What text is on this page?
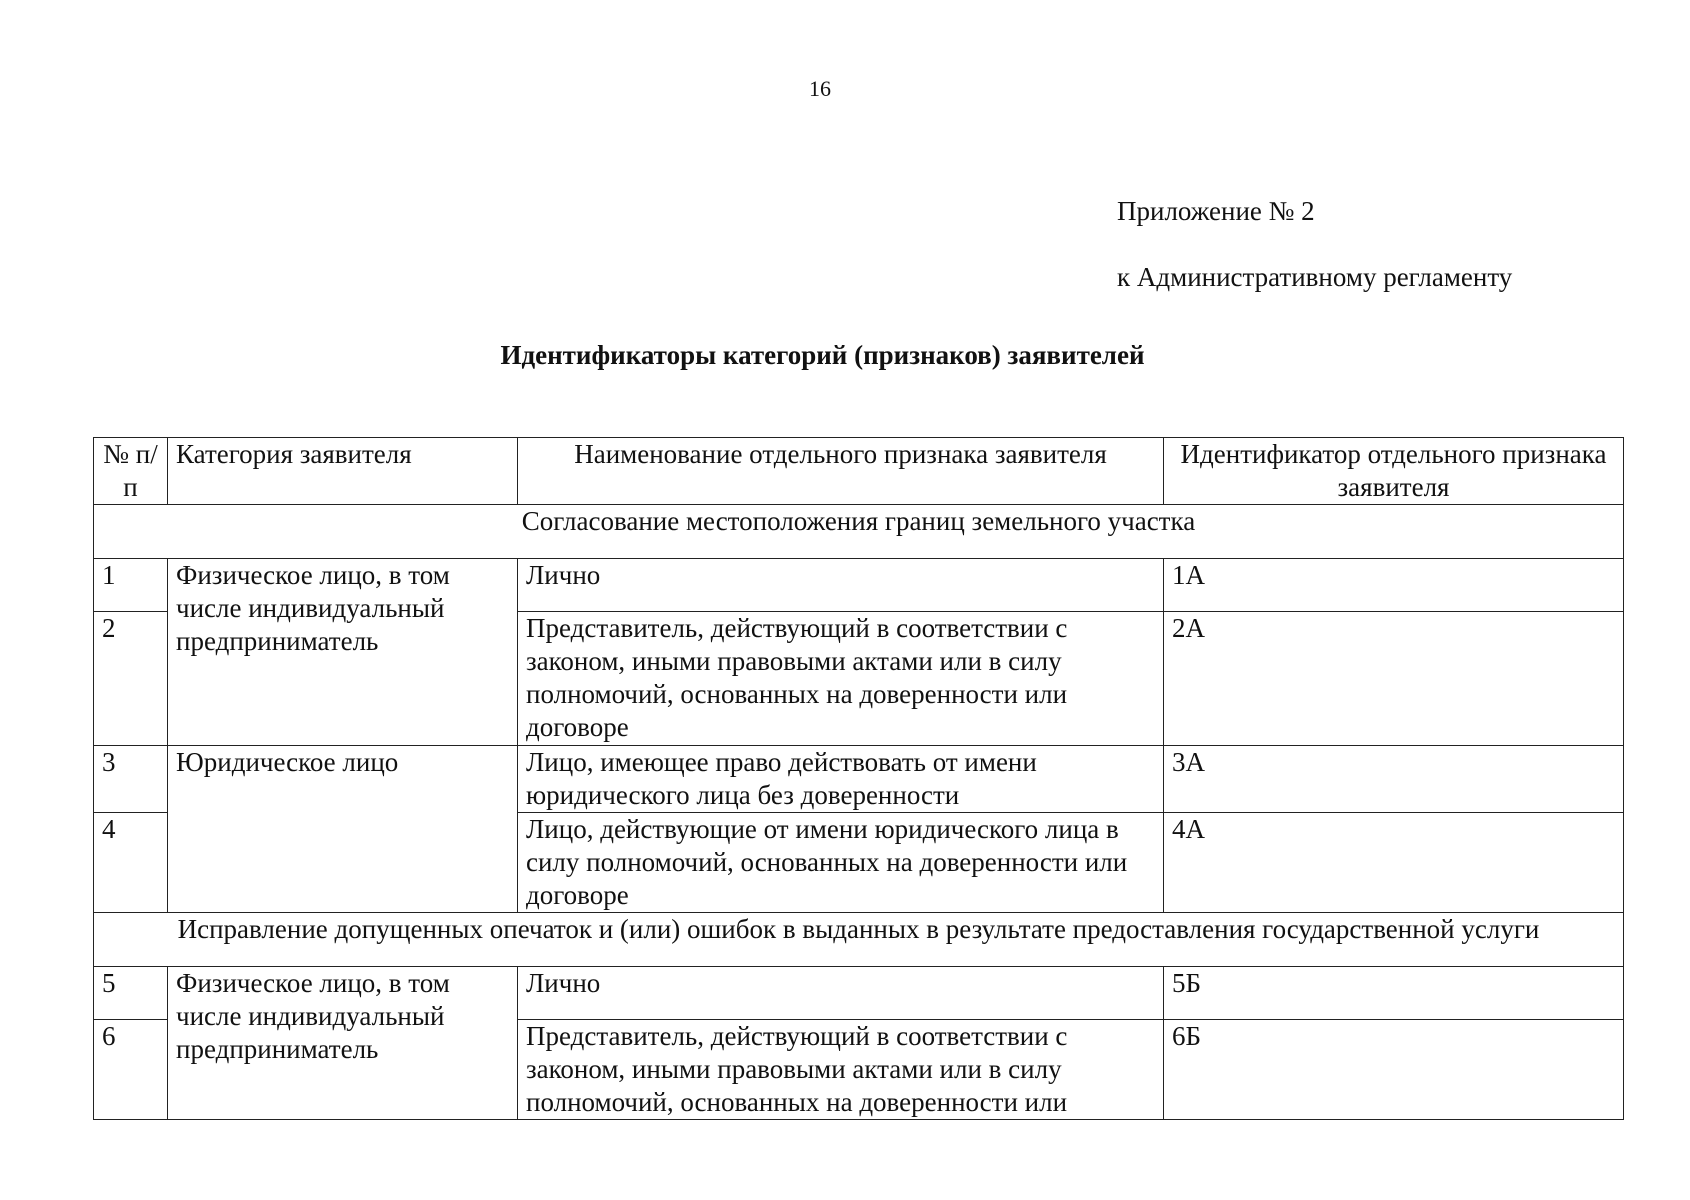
16
Приложение № 2
к Административному регламенту
Идентификаторы категорий (признаков) заявителей
№ п/п	Категория заявителя	Наименование отдельного признака заявителя	Идентификатор отдельного признака заявителя
Согласование местоположения границ земельного участка			
1	Физическое лицо, в том числе индивидуальный предприниматель	Лично	1А
2		Представитель, действующий в соответствии с законом, иными правовыми актами или в силу полномочий, основанных на доверенности или договоре	2А
3	Юридическое лицо	Лицо, имеющее право действовать от имени юридического лица без доверенности	3А
4		Лицо, действующие от имени юридического лица в силу полномочий, основанных на доверенности или договоре	4А
Исправление допущенных опечаток и (или) ошибок в выданных в результате предоставления государственной услуги			
5	Физическое лицо, в том числе индивидуальный предприниматель	Лично	5Б
6		Представитель, действующий в соответствии с законом, иными правовыми актами или в силу полномочий, основанных на доверенности или	6Б
